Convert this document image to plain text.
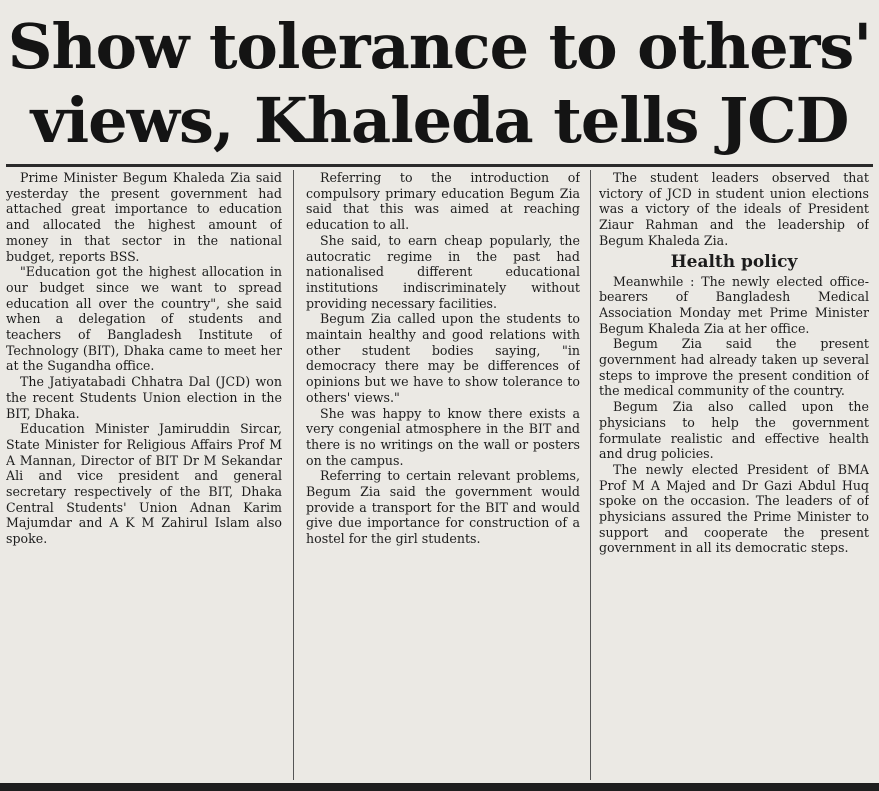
Show tolerance to others'
views, Khaleda tells JCD

Prime Minister Begum Khaleda Zia said yesterday the present government had attached great importance to education and allocated the highest amount of money in that sector in the national budget, reports BSS.

"Education got the highest allocation in our budget since we want to spread education all over the country", she said when a delegation of students and teachers of Bangladesh Institute of Technology (BIT), Dhaka came to meet her at the Sugandha office.

The Jatiyatabadi Chhatra Dal (JCD) won the recent Students Union election in the BIT, Dhaka.

Education Minister Jamiruddin Sircar, State Minister for Religious Affairs Prof M A Mannan, Director of BIT Dr M Sekandar Ali and vice president and general secretary respectively of the BIT, Dhaka Central Students' Union Adnan Karim Majumdar and A K M Zahirul Islam also spoke.

Referring to the introduction of compulsory primary education Begum Zia said that this was aimed at reaching education to all.

She said, to earn cheap popularly, the autocratic regime in the past had nationalised different educational institutions indiscriminately without providing necessary facilities.

Begum Zia called upon the students to maintain healthy and good relations with other student bodies saying, "in democracy there may be differences of opinions but we have to show tolerance to others' views."

She was happy to know there exists a very congenial atmosphere in the BIT and there is no writings on the wall or posters on the campus.

Referring to certain relevant problems, Begum Zia said the government would provide a transport for the BIT and would give due importance for construction of a hostel for the girl students.

The student leaders observed that victory of JCD in student union elections was a victory of the ideals of President Ziaur Rahman and the leadership of Begum Khaleda Zia.

Health policy

Meanwhile : The newly elected office-bearers of Bangladesh Medical Association Monday met Prime Minister Begum Khaleda Zia at her office.

Begum Zia said the present government had already taken up several steps to improve the present condition of the medical community of the country.

Begum Zia also called upon the physicians to help the government formulate realistic and effective health and drug policies.

The newly elected President of BMA Prof M A Majed and Dr Gazi Abdul Huq spoke on the occasion. The leaders of of physicians assured the Prime Minister to support and cooperate the present government in all its democratic steps.
